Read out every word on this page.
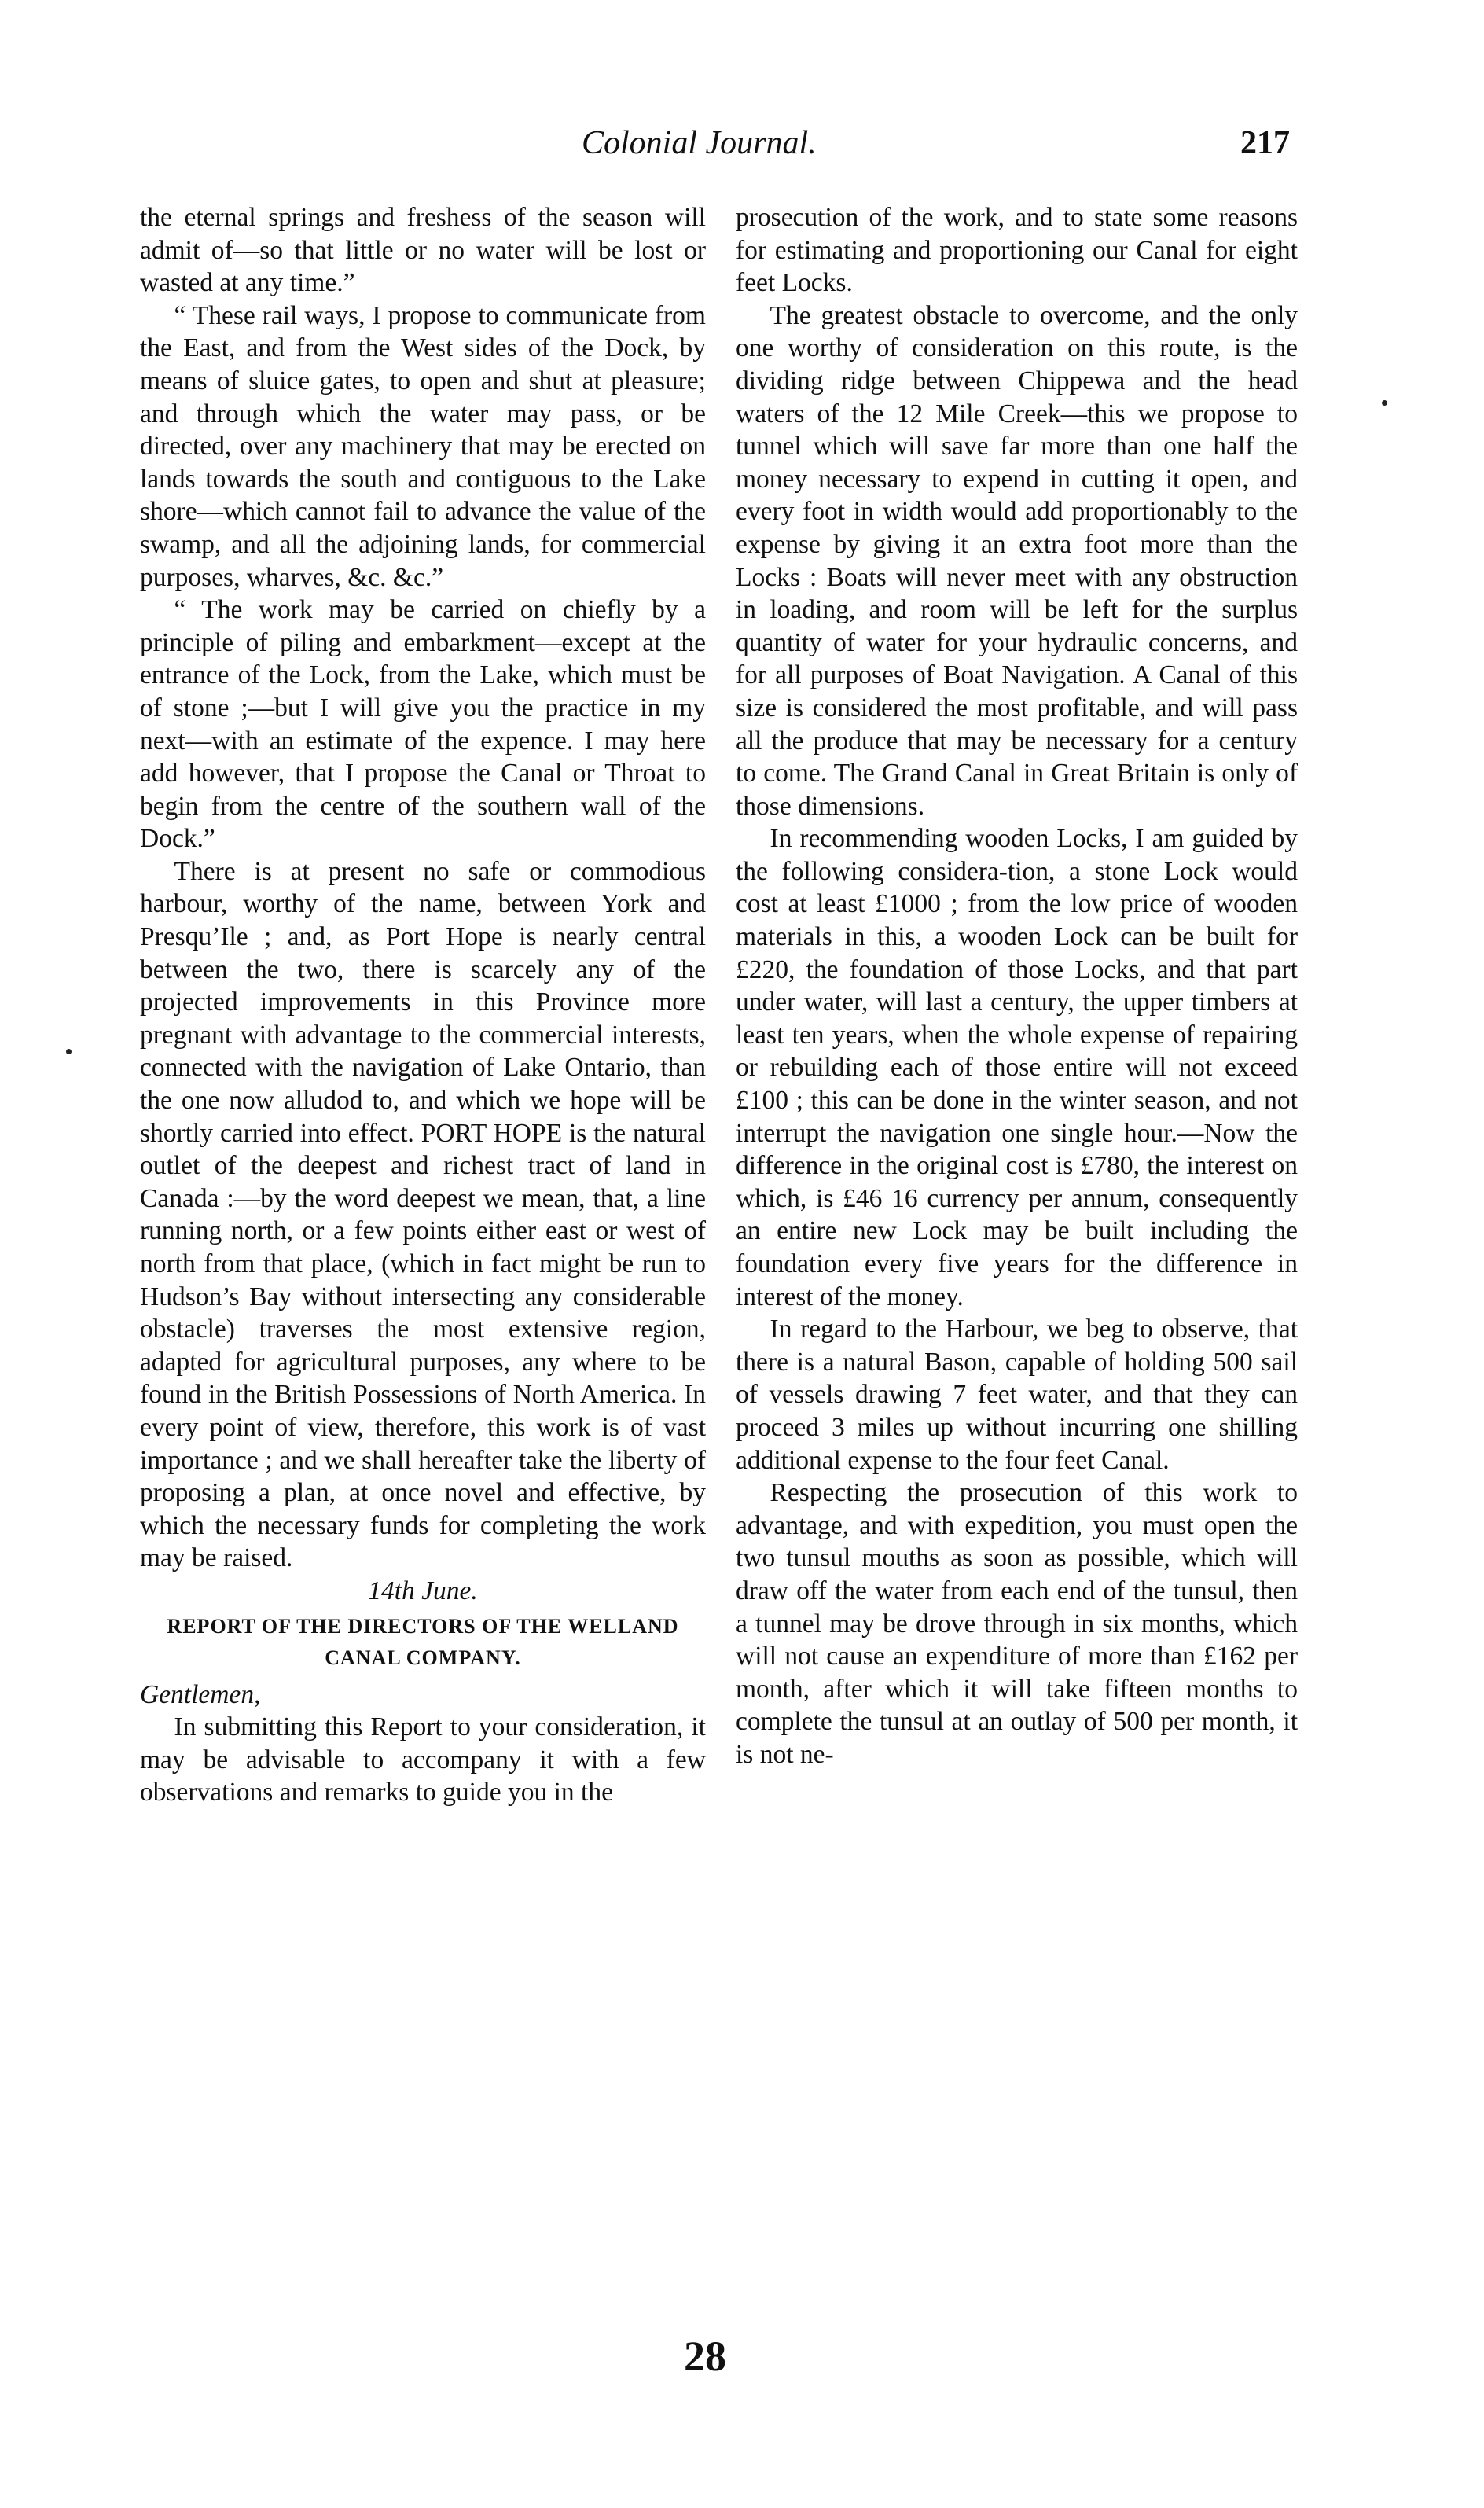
Colonial Journal.	217

the eternal springs and freshess of the season will admit of—so that little or no water will be lost or wasted at any time.”

“ These rail ways, I propose to communicate from the East, and from the West sides of the Dock, by means of sluice gates, to open and shut at pleasure; and through which the water may pass, or be directed, over any machinery that may be erected on lands towards the south and contiguous to the Lake shore—which cannot fail to advance the value of the swamp, and all the adjoining lands, for commercial purposes, wharves, &c. &c.”

“ The work may be carried on chiefly by a principle of piling and embarkment—except at the entrance of the Lock, from the Lake, which must be of stone ;—but I will give you the practice in my next—with an estimate of the expence. I may here add however, that I propose the Canal or Throat to begin from the centre of the southern wall of the Dock.”

There is at present no safe or commodious harbour, worthy of the name, between York and Presqu’Ile ; and, as Port Hope is nearly central between the two, there is scarcely any of the projected improvements in this Province more pregnant with advantage to the commercial interests, connected with the navigation of Lake Ontario, than the one now alludod to, and which we hope will be shortly carried into effect. PORT HOPE is the natural outlet of the deepest and richest tract of land in Canada :—by the word deepest we mean, that, a line running north, or a few points either east or west of north from that place, (which in fact might be run to Hudson’s Bay without intersecting any considerable obstacle) traverses the most extensive region, adapted for agricultural purposes, any where to be found in the British Possessions of North America. In every point of view, therefore, this work is of vast importance ; and we shall hereafter take the liberty of proposing a plan, at once novel and effective, by which the necessary funds for completing the work may be raised.

14th June.

REPORT OF THE DIRECTORS OF THE WELLAND CANAL COMPANY.

Gentlemen,

In submitting this Report to your consideration, it may be advisable to accompany it with a few observations and remarks to guide you in the

prosecution of the work, and to state some reasons for estimating and proportioning our Canal for eight feet Locks.

The greatest obstacle to overcome, and the only one worthy of consideration on this route, is the dividing ridge between Chippewa and the head waters of the 12 Mile Creek—this we propose to tunnel which will save far more than one half the money necessary to expend in cutting it open, and every foot in width would add proportionably to the expense by giving it an extra foot more than the Locks : Boats will never meet with any obstruction in loading, and room will be left for the surplus quantity of water for your hydraulic concerns, and for all purposes of Boat Navigation. A Canal of this size is considered the most profitable, and will pass all the produce that may be necessary for a century to come. The Grand Canal in Great Britain is only of those dimensions.

In recommending wooden Locks, I am guided by the following considera-tion, a stone Lock would cost at least £1000 ; from the low price of wooden materials in this, a wooden Lock can be built for £220, the foundation of those Locks, and that part under water, will last a century, the upper timbers at least ten years, when the whole expense of repairing or rebuilding each of those entire will not exceed £100 ; this can be done in the winter season, and not interrupt the navigation one single hour.—Now the difference in the original cost is £780, the interest on which, is £46 16 currency per annum, consequently an entire new Lock may be built including the foundation every five years for the difference in interest of the money.

In regard to the Harbour, we beg to observe, that there is a natural Bason, capable of holding 500 sail of vessels drawing 7 feet water, and that they can proceed 3 miles up without incurring one shilling additional expense to the four feet Canal.

Respecting the prosecution of this work to advantage, and with expedition, you must open the two tunsul mouths as soon as possible, which will draw off the water from each end of the tunsul, then a tunnel may be drove through in six months, which will not cause an expenditure of more than £162 per month, after which it will take fifteen months to complete the tunsul at an outlay of 500 per month, it is not ne-

28
